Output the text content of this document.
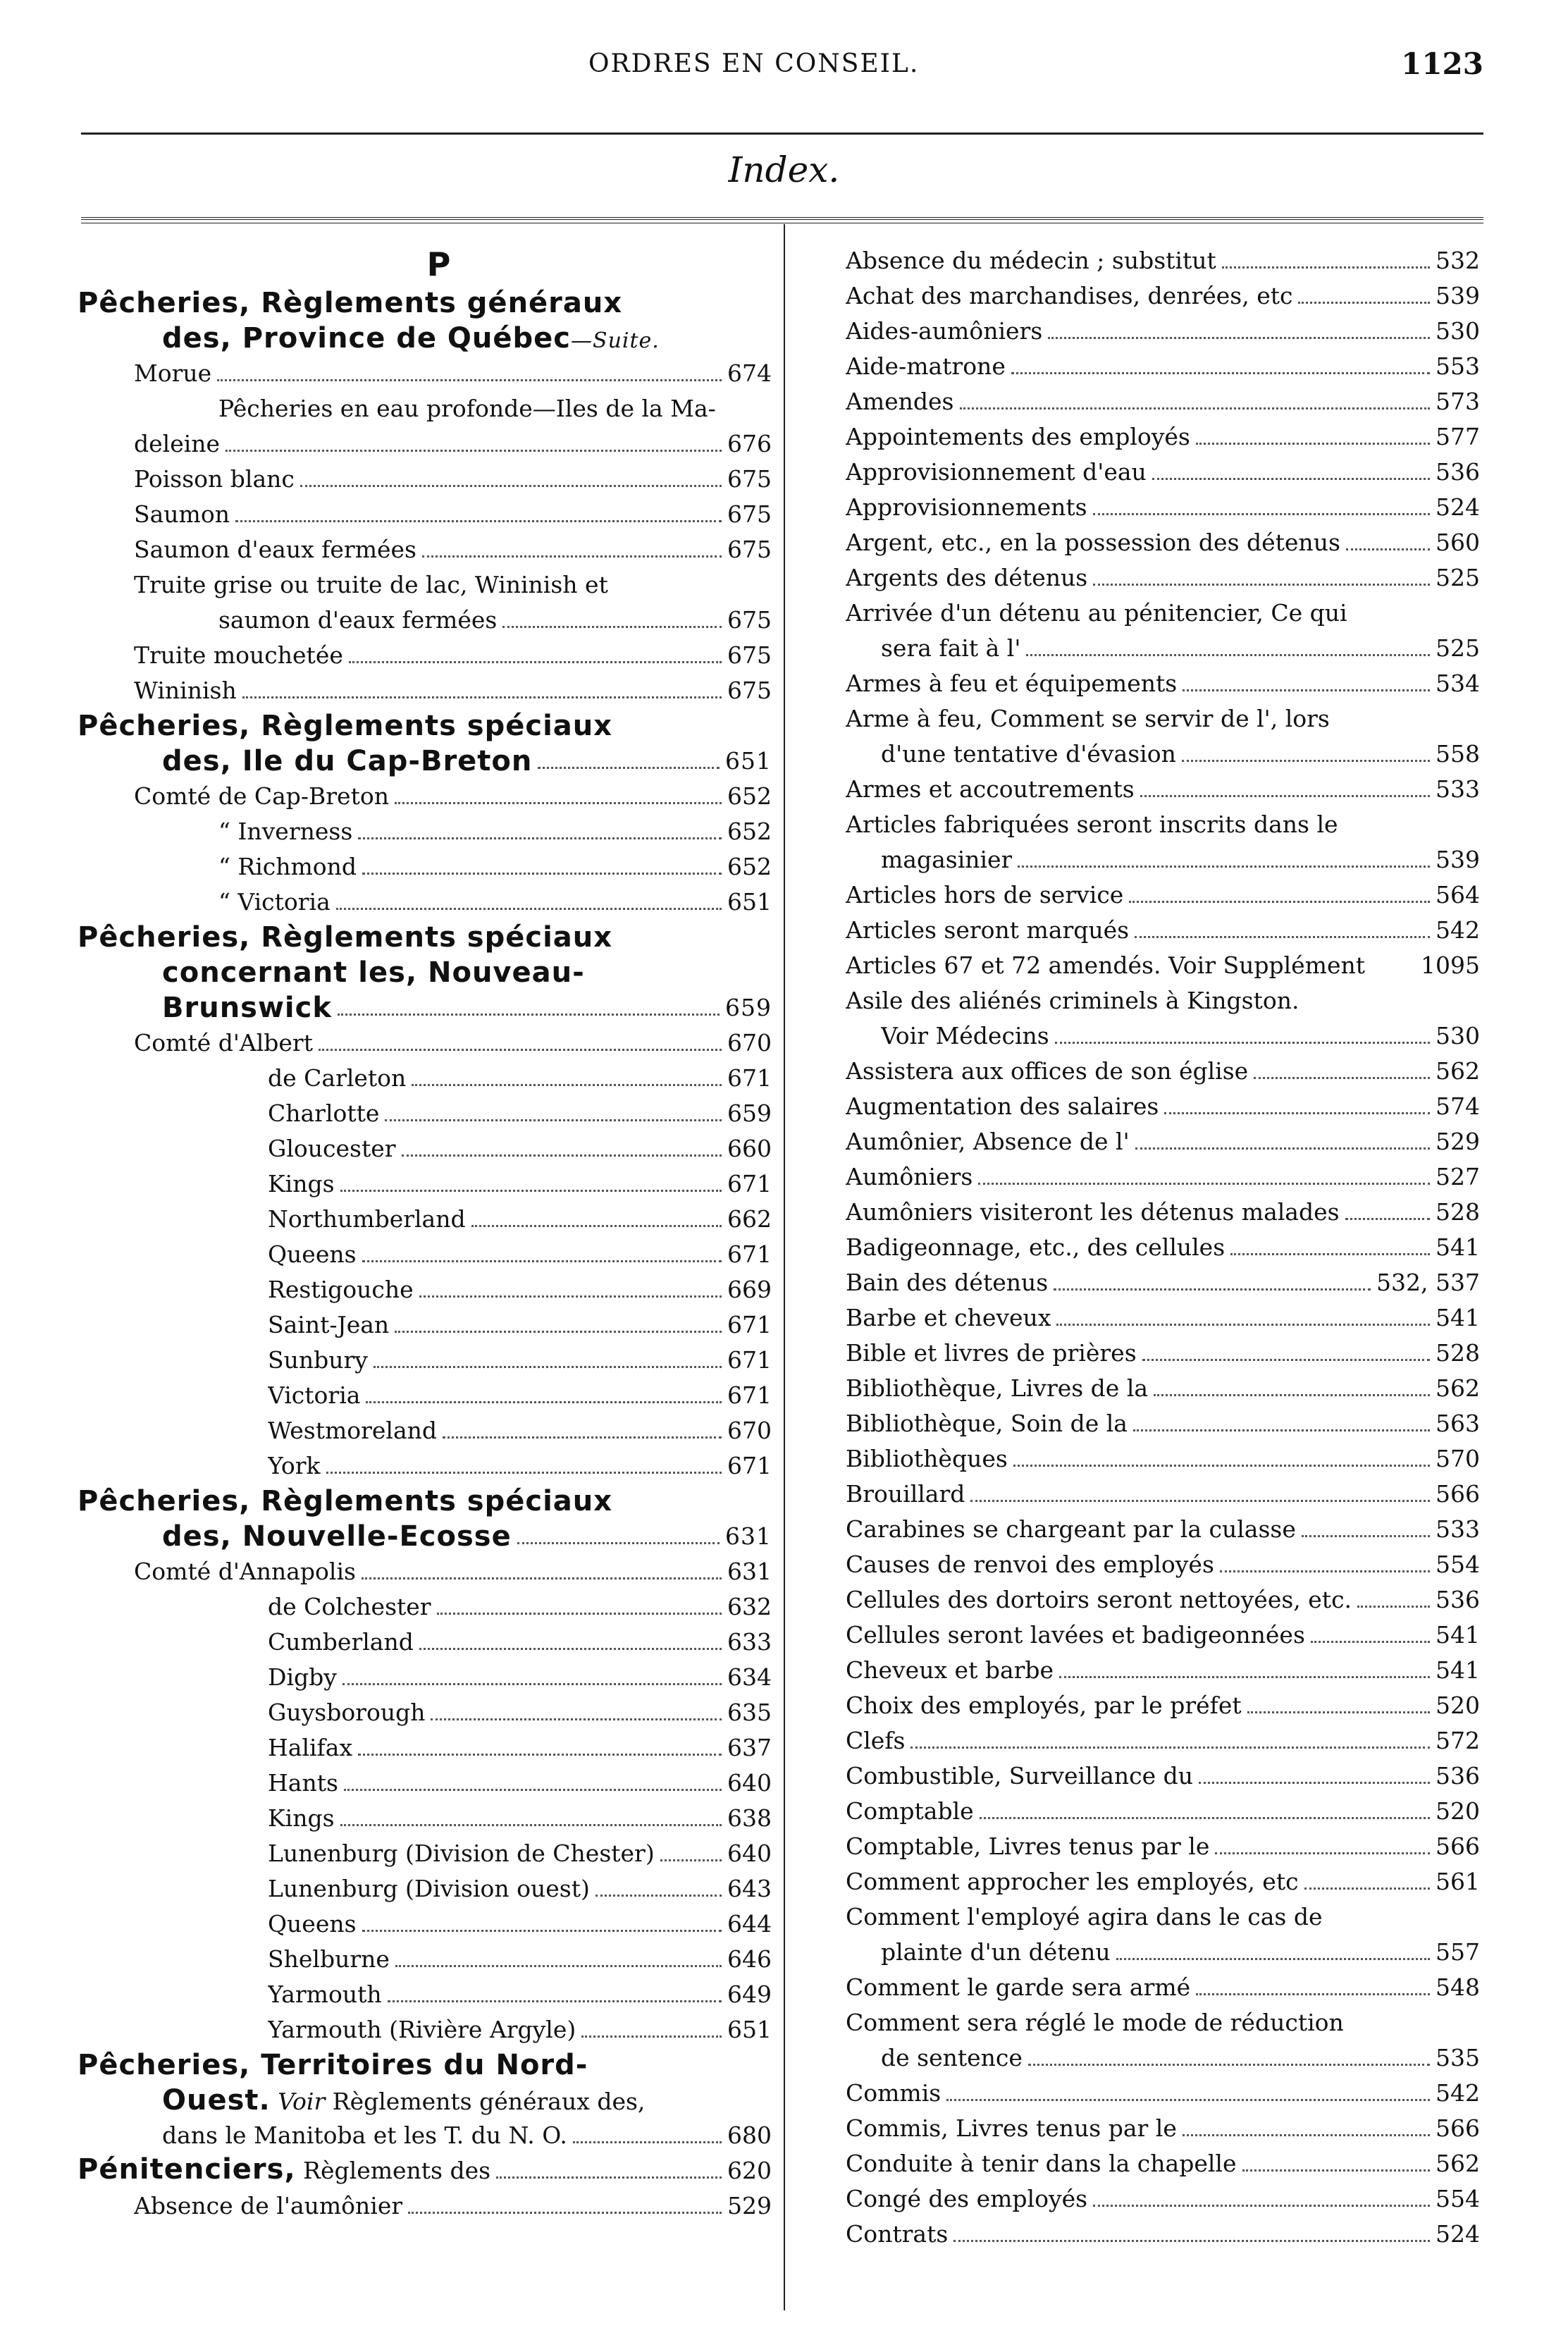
ORDRES EN CONSEIL.	1123
Index.
P
Pêcheries, Règlements généraux
des, Province de Québec—Suite.
Morue	674
Pêcheries en eau profonde—Iles de la Ma-
deleine	676
Poisson blanc	675
Saumon	675
Saumon d'eaux fermées	675
Truite grise ou truite de lac, Wininish et
saumon d'eaux fermées	675
Truite mouchetée	675
Wininish	675
Pêcheries, Règlements spéciaux
des, Ile du Cap-Breton	651
Comté de Cap-Breton	652
“ Inverness	652
“ Richmond	652
“ Victoria	651
Pêcheries, Règlements spéciaux
concernant les, Nouveau-
Brunswick	659
Comté d'Albert	670
de Carleton	671
Charlotte	659
Gloucester	660
Kings	671
Northumberland	662
Queens	671
Restigouche	669
Saint-Jean	671
Sunbury	671
Victoria	671
Westmoreland	670
York	671
Pêcheries, Règlements spéciaux
des, Nouvelle-Ecosse	631
Comté d'Annapolis	631
de Colchester	632
Cumberland	633
Digby	634
Guysborough	635
Halifax	637
Hants	640
Kings	638
Lunenburg (Division de Chester)	640
Lunenburg (Division ouest)	643
Queens	644
Shelburne	646
Yarmouth	649
Yarmouth (Rivière Argyle)	651
Pêcheries, Territoires du Nord-
Ouest. Voir Règlements généraux des,
dans le Manitoba et les T. du N. O.	680
Pénitenciers, Règlements des	620
Absence de l'aumônier	529
Absence du médecin ; substitut	532
Achat des marchandises, denrées, etc	539
Aides-aumôniers	530
Aide-matrone	553
Amendes	573
Appointements des employés	577
Approvisionnement d'eau	536
Approvisionnements	524
Argent, etc., en la possession des détenus	560
Argents des détenus	525
Arrivée d'un détenu au pénitencier, Ce qui
sera fait à l'	525
Armes à feu et équipements	534
Arme à feu, Comment se servir de l', lors
d'une tentative d'évasion	558
Armes et accoutrements	533
Articles fabriquées seront inscrits dans le
magasinier	539
Articles hors de service	564
Articles seront marqués	542
Articles 67 et 72 amendés. Voir Supplément 1095
Asile des aliénés criminels à Kingston.
Voir Médecins	530
Assistera aux offices de son église	562
Augmentation des salaires	574
Aumônier, Absence de l'	529
Aumôniers	527
Aumôniers visiteront les détenus malades	528
Badigeonnage, etc., des cellules	541
Bain des détenus	532, 537
Barbe et cheveux	541
Bible et livres de prières	528
Bibliothèque, Livres de la	562
Bibliothèque, Soin de la	563
Bibliothèques	570
Brouillard	566
Carabines se chargeant par la culasse	533
Causes de renvoi des employés	554
Cellules des dortoirs seront nettoyées, etc.	536
Cellules seront lavées et badigeonnées	541
Cheveux et barbe	541
Choix des employés, par le préfet	520
Clefs	572
Combustible, Surveillance du	536
Comptable	520
Comptable, Livres tenus par le	566
Comment approcher les employés, etc	561
Comment l'employé agira dans le cas de
plainte d'un détenu	557
Comment le garde sera armé	548
Comment sera réglé le mode de réduction
de sentence	535
Commis	542
Commis, Livres tenus par le	566
Conduite à tenir dans la chapelle	562
Congé des employés	554
Contrats	524
